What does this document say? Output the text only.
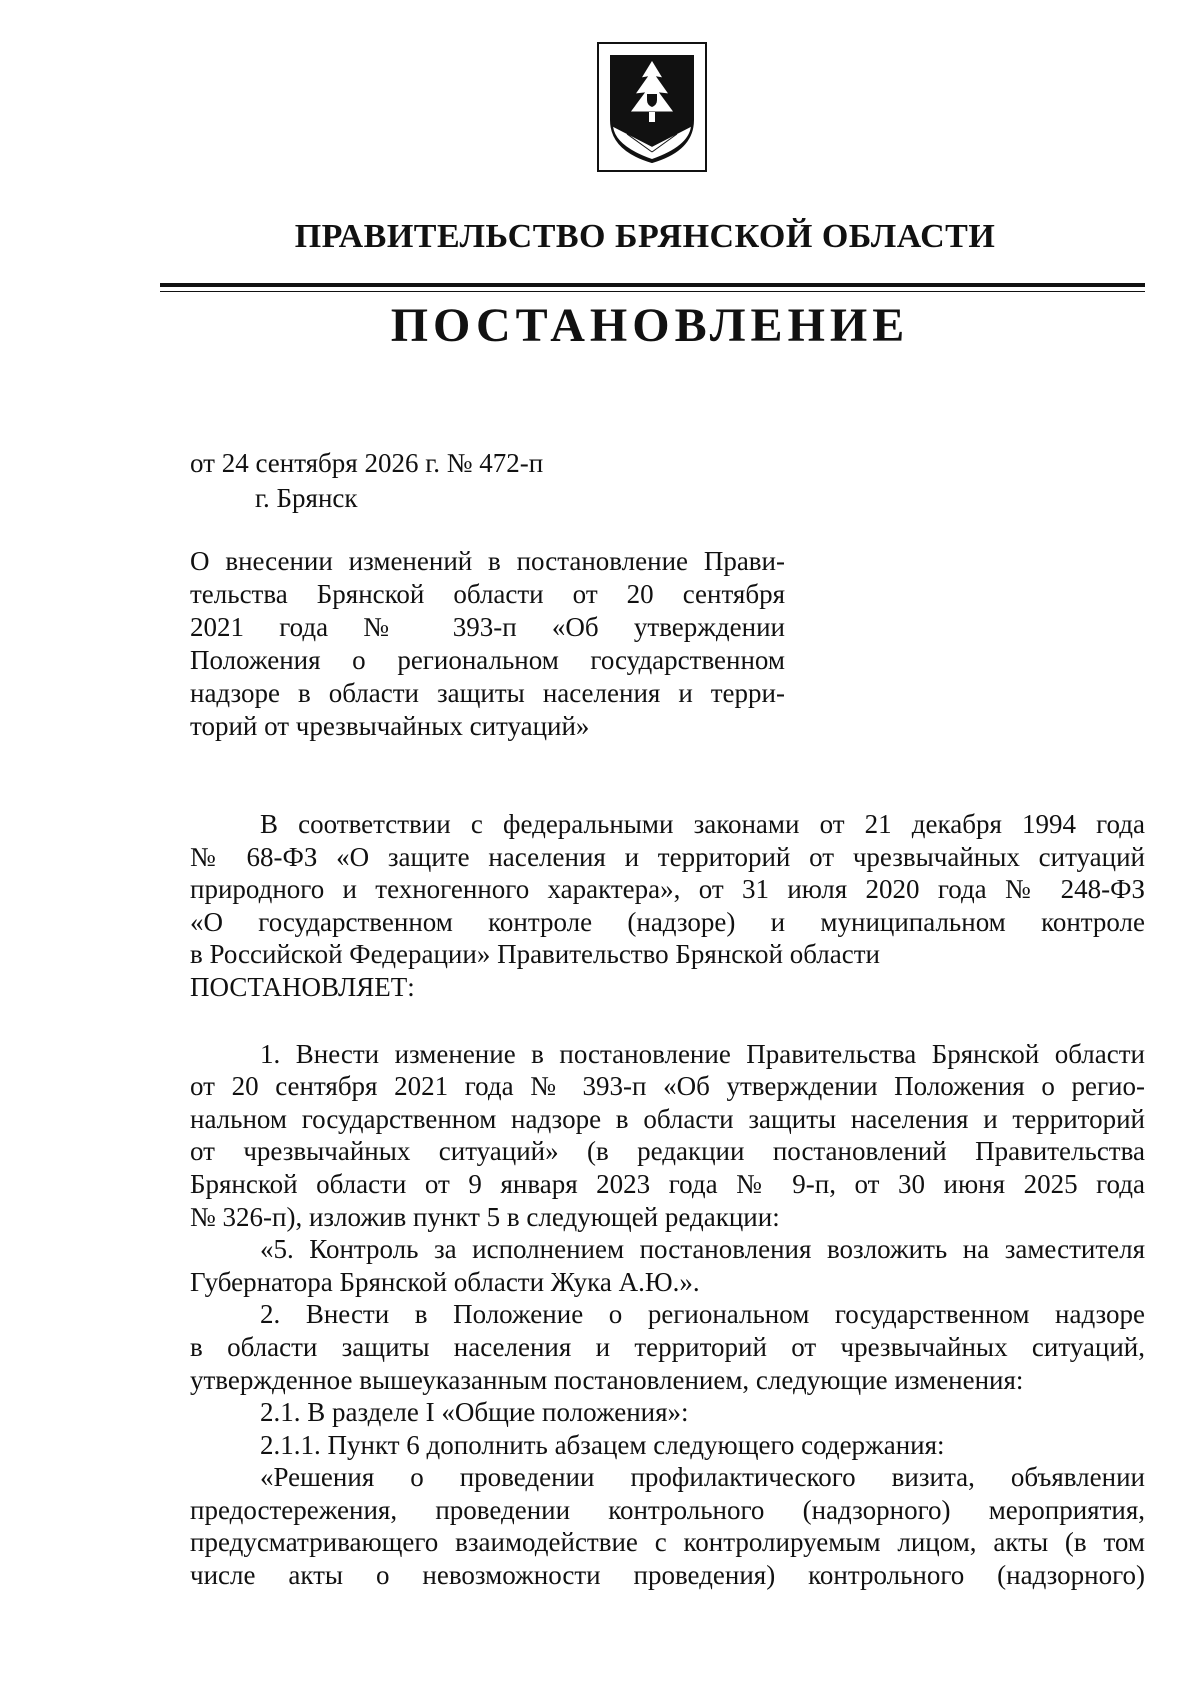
ПРАВИТЕЛЬСТВО БРЯНСКОЙ ОБЛАСТИ
ПОСТАНОВЛЕНИЕ
от 24 сентября 2026 г. № 472-п
г. Брянск
О внесении изменений в постановление Прави-
тельства Брянской области от 20 сентября
2021 года № 393-п «Об утверждении
Положения о региональном государственном
надзоре в области защиты населения и терри-
торий от чрезвычайных ситуаций»
В соответствии с федеральными законами от 21 декабря 1994 года
№ 68-ФЗ «О защите населения и территорий от чрезвычайных ситуаций
природного и техногенного характера», от 31 июля 2020 года № 248-ФЗ
«О государственном контроле (надзоре) и муниципальном контроле
в Российской Федерации» Правительство Брянской области
ПОСТАНОВЛЯЕТ:
1. Внести изменение в постановление Правительства Брянской области
от 20 сентября 2021 года № 393-п «Об утверждении Положения о регио-
нальном государственном надзоре в области защиты населения и территорий
от чрезвычайных ситуаций» (в редакции постановлений Правительства
Брянской области от 9 января 2023 года № 9-п, от 30 июня 2025 года
№ 326-п), изложив пункт 5 в следующей редакции:
«5. Контроль за исполнением постановления возложить на заместителя
Губернатора Брянской области Жука А.Ю.».
2. Внести в Положение о региональном государственном надзоре
в области защиты населения и территорий от чрезвычайных ситуаций,
утвержденное вышеуказанным постановлением, следующие изменения:
2.1. В разделе I «Общие положения»:
2.1.1. Пункт 6 дополнить абзацем следующего содержания:
«Решения о проведении профилактического визита, объявлении
предостережения, проведении контрольного (надзорного) мероприятия,
предусматривающего взаимодействие с контролируемым лицом, акты (в том
числе акты о невозможности проведения) контрольного (надзорного)
